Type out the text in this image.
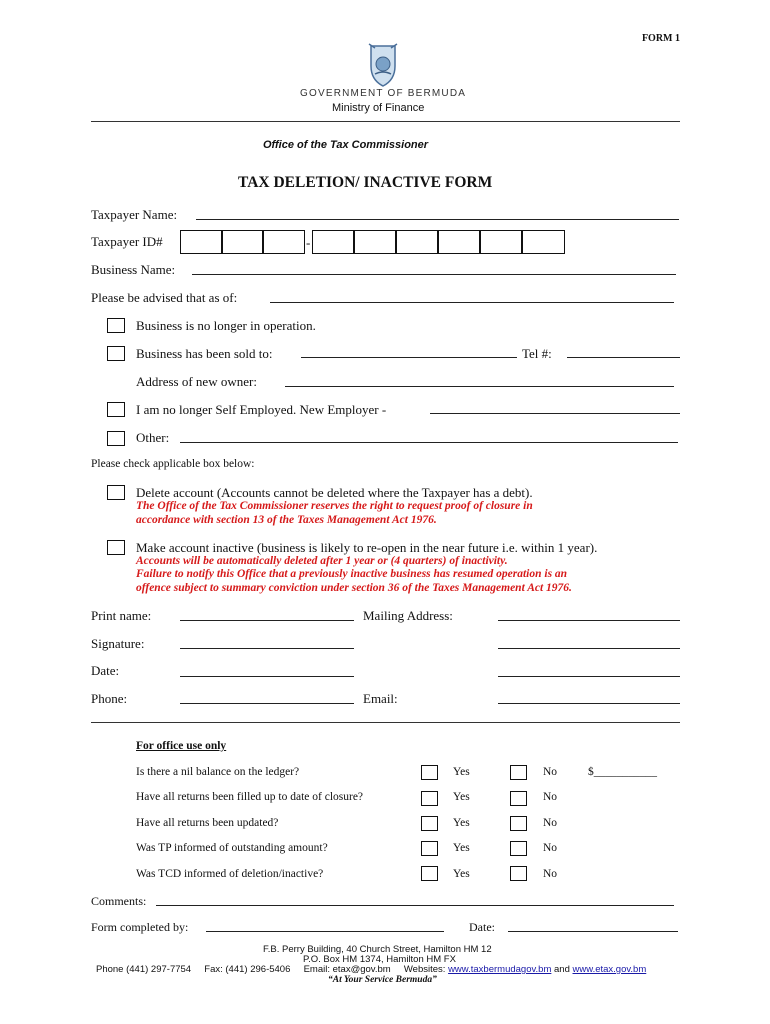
FORM 1
GOVERNMENT OF BERMUDA
Ministry of Finance
Office of the Tax Commissioner
TAX DELETION/ INACTIVE FORM
Taxpayer Name:
Taxpayer ID#	-
Business Name:
Please be advised that as of:
Business is no longer in operation.
Business has been sold to:	Tel #:
Address of new owner:
I am no longer Self Employed. New Employer -
Other:
Please check applicable box below:
Delete account (Accounts cannot be deleted where the Taxpayer has a debt).
The Office of the Tax Commissioner reserves the right to request proof of closure in
accordance with section 13 of the Taxes Management Act 1976.
Make account inactive (business is likely to re-open in the near future i.e. within 1 year).
Accounts will be automatically deleted after 1 year or (4 quarters) of inactivity.
Failure to notify this Office that a previously inactive business has resumed operation is an
offence subject to summary conviction under section 36 of the Taxes Management Act 1976.
Print name:	Mailing Address:
Signature:
Date:
Phone:	Email:
For office use only
Is there a nil balance on the ledger?	Yes	No	$___________
Have all returns been filled up to date of closure?	Yes	No
Have all returns been updated?	Yes	No
Was TP informed of outstanding amount?	Yes	No
Was TCD informed of deletion/inactive?	Yes	No
Comments:
Form completed by:	Date:
F.B. Perry Building, 40 Church Street, Hamilton HM 12
P.O. Box HM 1374, Hamilton HM FX
Phone (441) 297-7754 Fax: (441) 296-5406 Email: etax@gov.bm Websites: www.taxbermudagov.bm and www.etax.gov.bm
“At Your Service Bermuda”
